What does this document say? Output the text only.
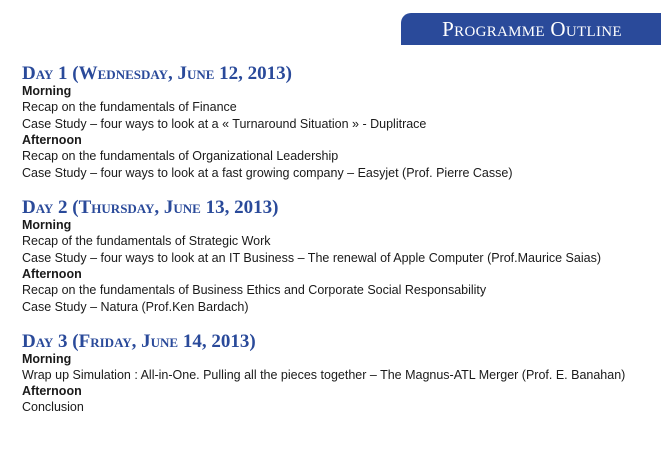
Programme Outline
Day 1 (Wednesday, June 12, 2013)

Morning

Recap on the fundamentals of Finance

Case Study – four ways to look at a « Turnaround Situation » - Duplitrace

Afternoon

Recap on the fundamentals of Organizational Leadership

Case Study – four ways to look at a fast growing company – Easyjet (Prof. Pierre Casse)

Day 2 (Thursday, June 13, 2013)

Morning

Recap of the fundamentals of Strategic Work

Case Study – four ways to look at an IT Business – The renewal of Apple Computer (Prof.Maurice Saias)

Afternoon

Recap on the fundamentals of Business Ethics and Corporate Social Responsability

Case Study – Natura (Prof.Ken Bardach)

Day 3 (Friday, June 14, 2013)

Morning

Wrap up Simulation : All-in-One. Pulling all the pieces together – The Magnus-ATL Merger (Prof. E. Banahan)

Afternoon

Conclusion
